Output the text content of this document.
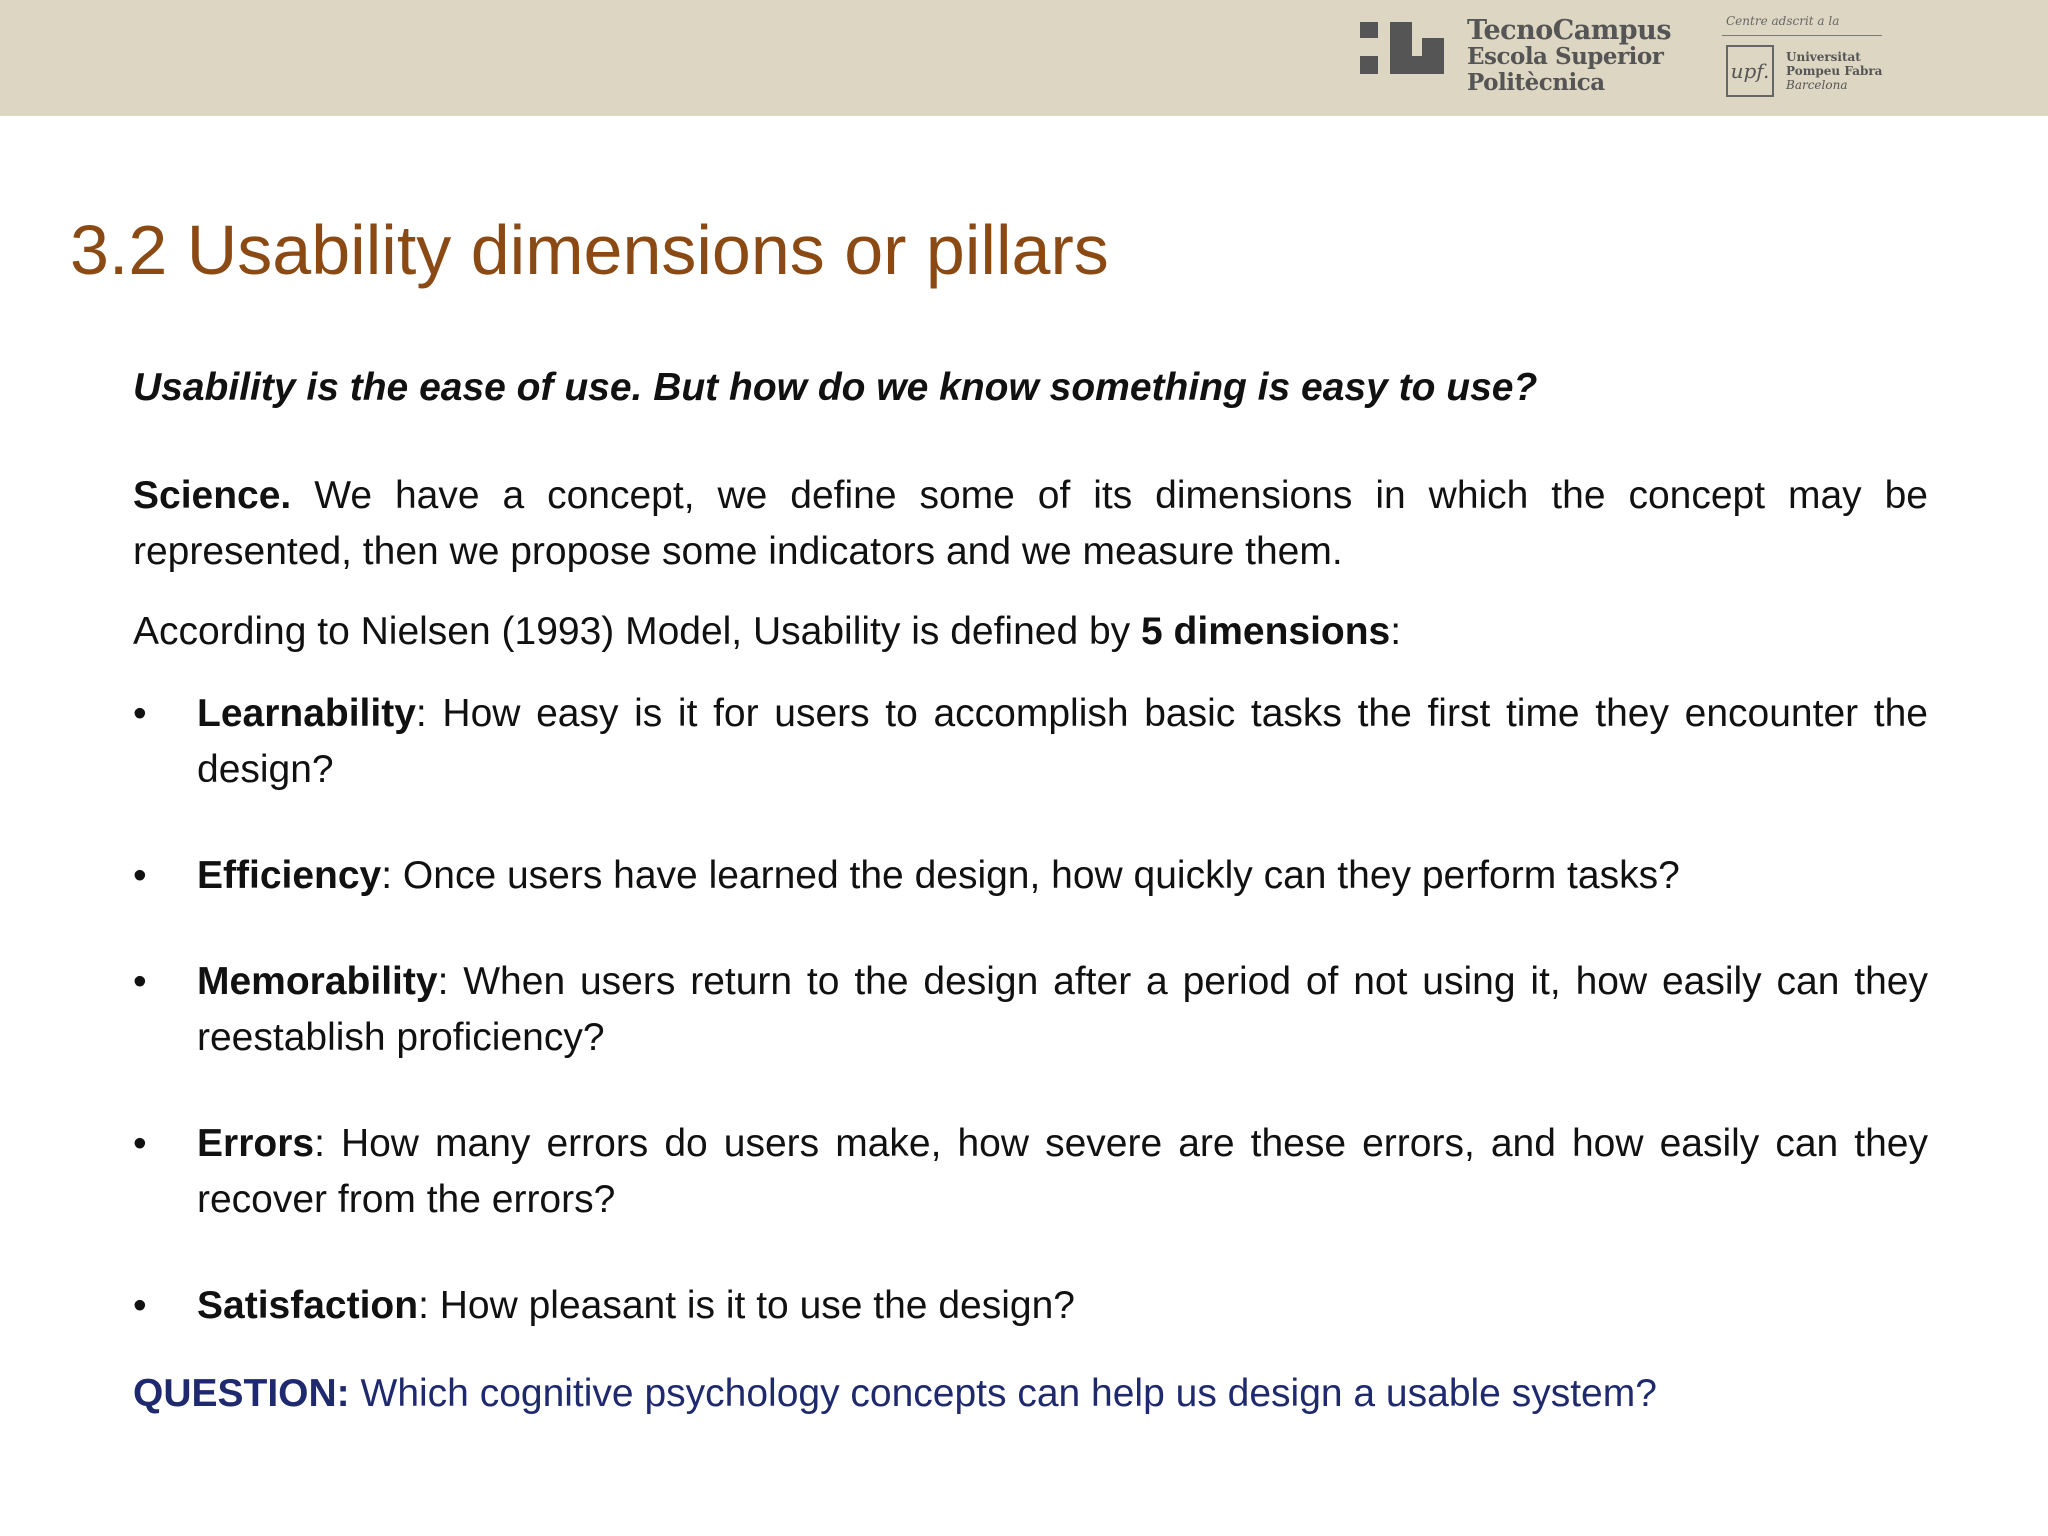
TecnoCampus
Escola Superior
Politècnica
Centre adscrit a la
upf.
Universitat
Pompeu Fabra
Barcelona
3.2 Usability dimensions or pillars

Usability is the ease of use. But how do we know something is easy to use?

Science. We have a concept, we define some of its dimensions in which the concept may be represented, then we propose some indicators and we measure them.

According to Nielsen (1993) Model, Usability is defined by 5 dimensions:

• Learnability: How easy is it for users to accomplish basic tasks the first time they encounter the design?
• Efficiency: Once users have learned the design, how quickly can they perform tasks?
• Memorability: When users return to the design after a period of not using it, how easily can they reestablish proficiency?
• Errors: How many errors do users make, how severe are these errors, and how easily can they recover from the errors?
• Satisfaction: How pleasant is it to use the design?

QUESTION: Which cognitive psychology concepts can help us design a usable system?
